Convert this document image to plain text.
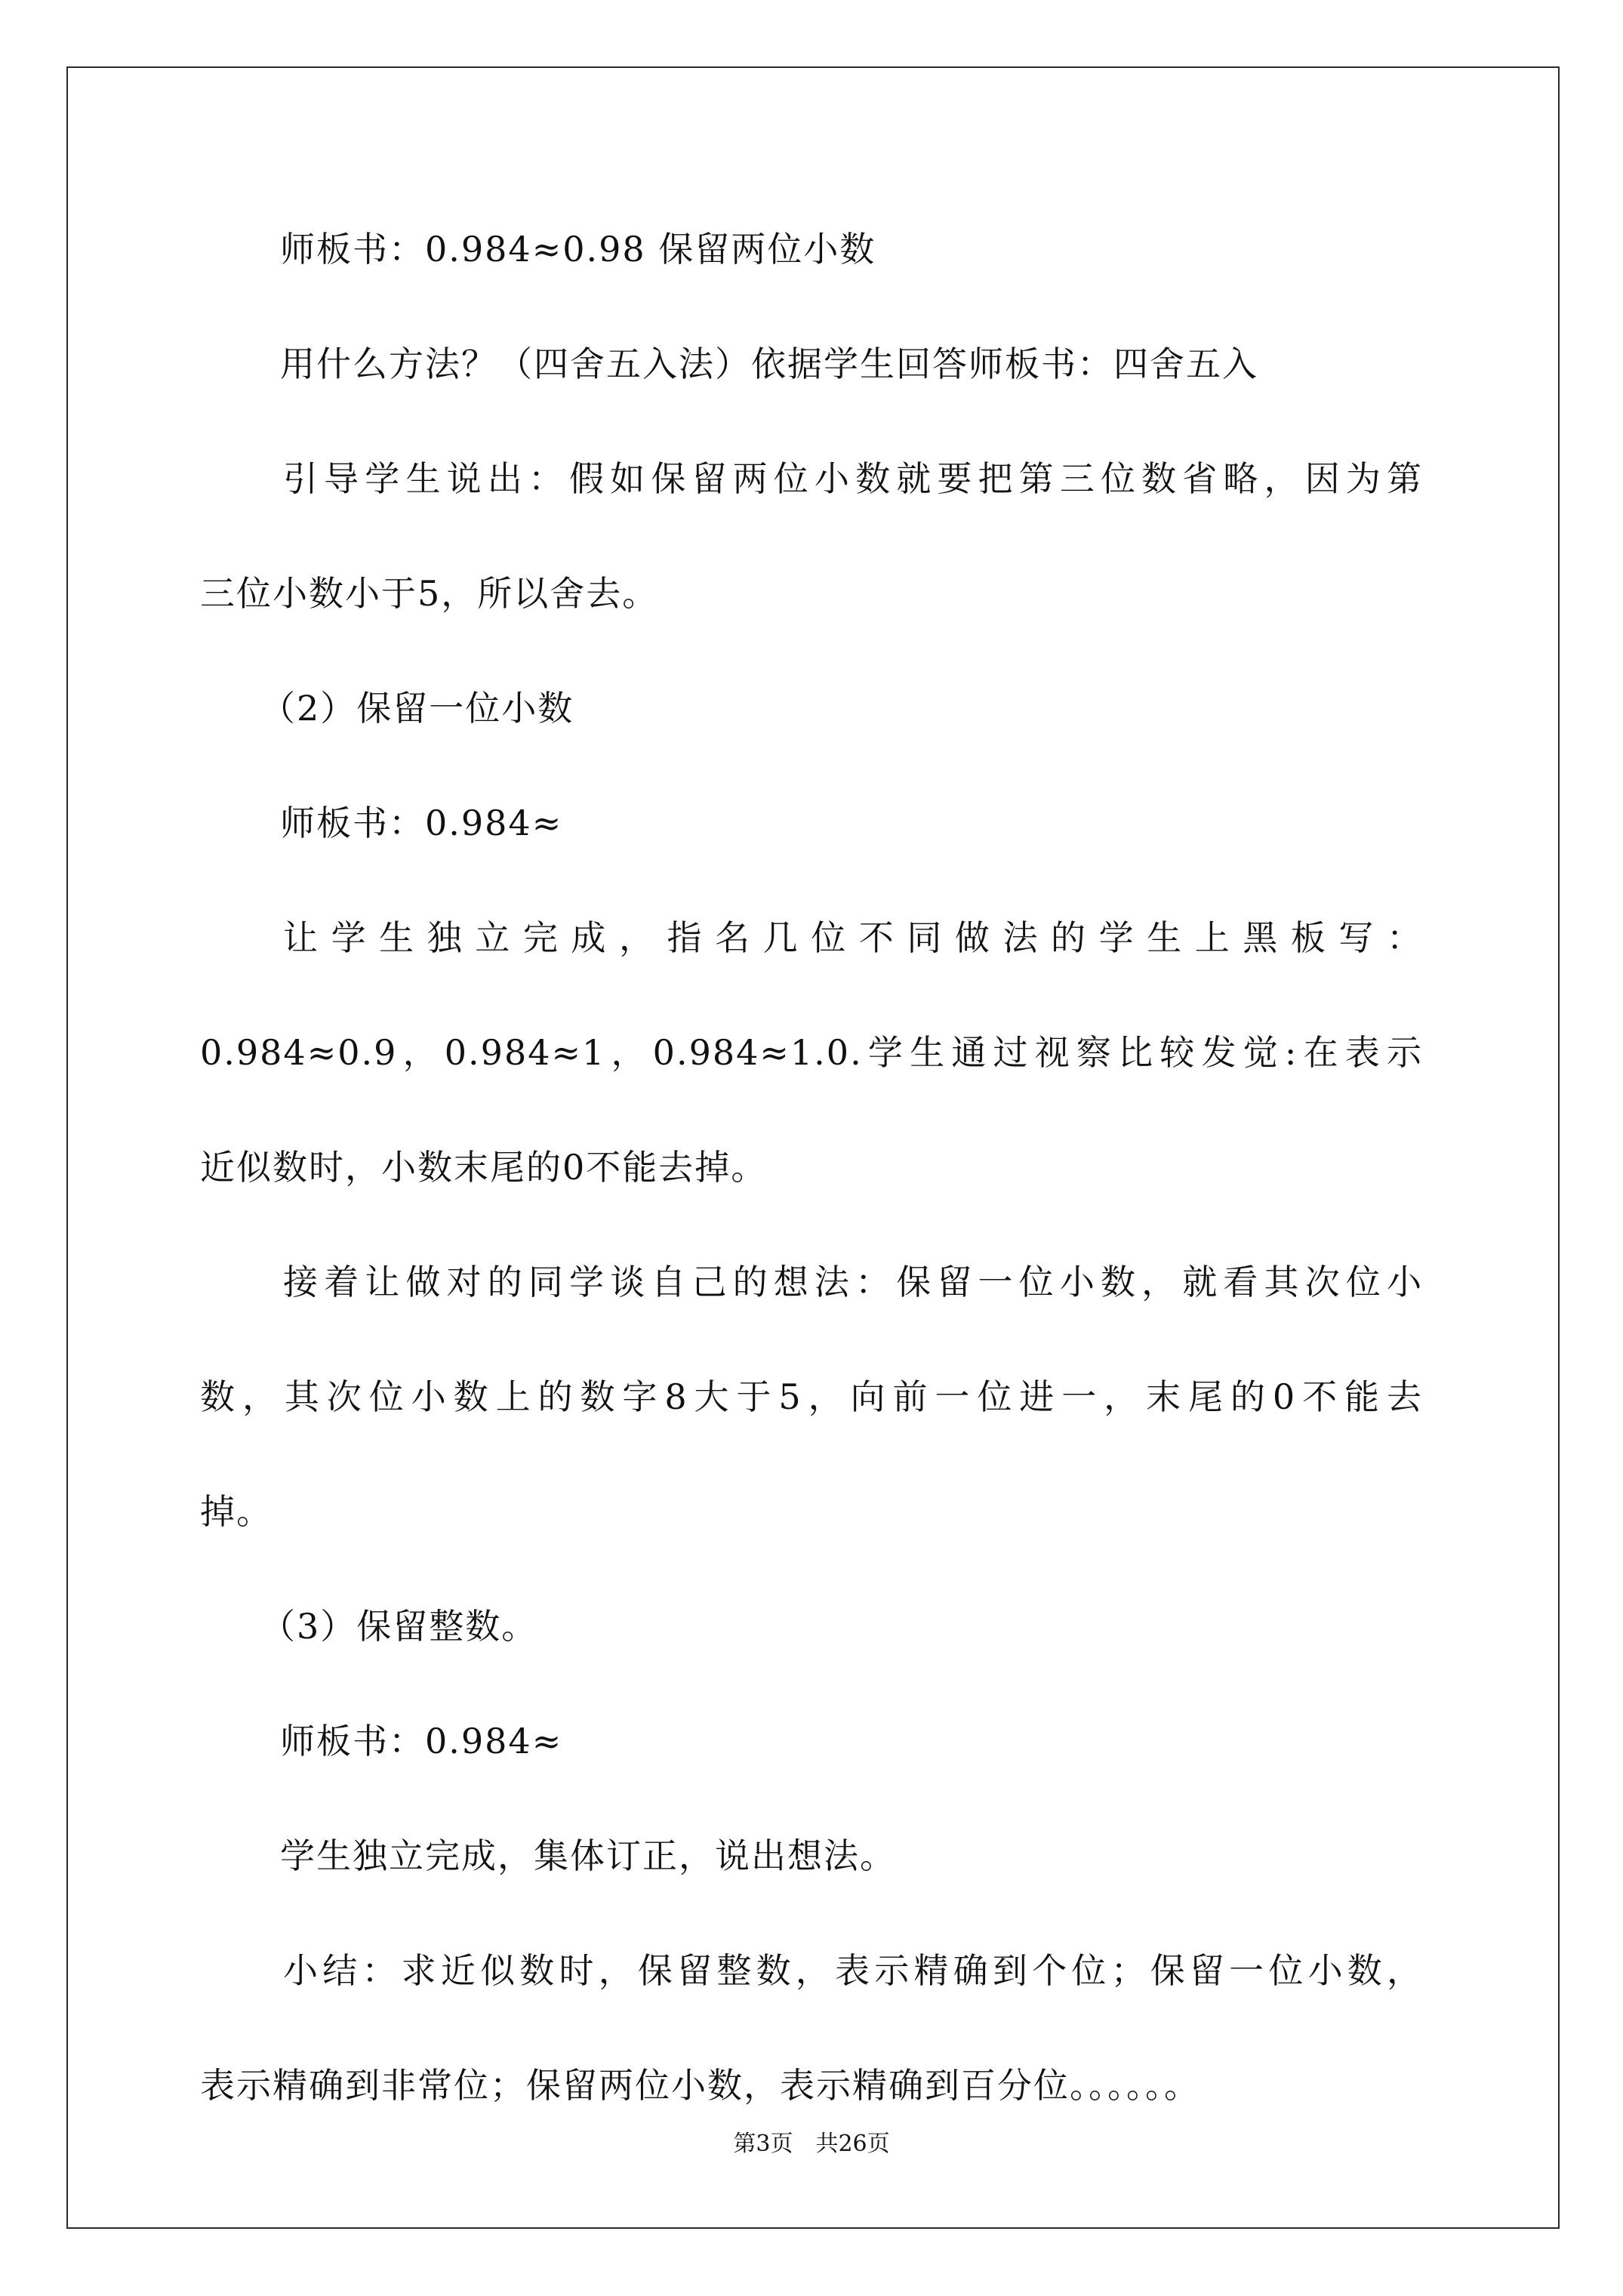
师板书：0.984≈0.98 保留两位小数
用什么方法？（四舍五入法）依据学生回答师板书：四舍五入
引导学生说出：假如保留两位小数就要把第三位数省略，因为第
三位小数小于5，所以舍去。
（2）保留一位小数
师板书：0.984≈
让学生独立完成，指名几位不同做法的学生上黑板写：
0.984≈0.9，0.984≈1，0.984≈1.0.学生通过视察比较发觉:在表示
近似数时，小数末尾的0不能去掉。
接着让做对的同学谈自己的想法：保留一位小数，就看其次位小
数，其次位小数上的数字8大于5，向前一位进一，末尾的0不能去
掉。
（3）保留整数。
师板书：0.984≈
学生独立完成，集体订正，说出想法。
小结：求近似数时，保留整数，表示精确到个位；保留一位小数，
表示精确到非常位；保留两位小数，表示精确到百分位。。。。。。
第3页　共26页
